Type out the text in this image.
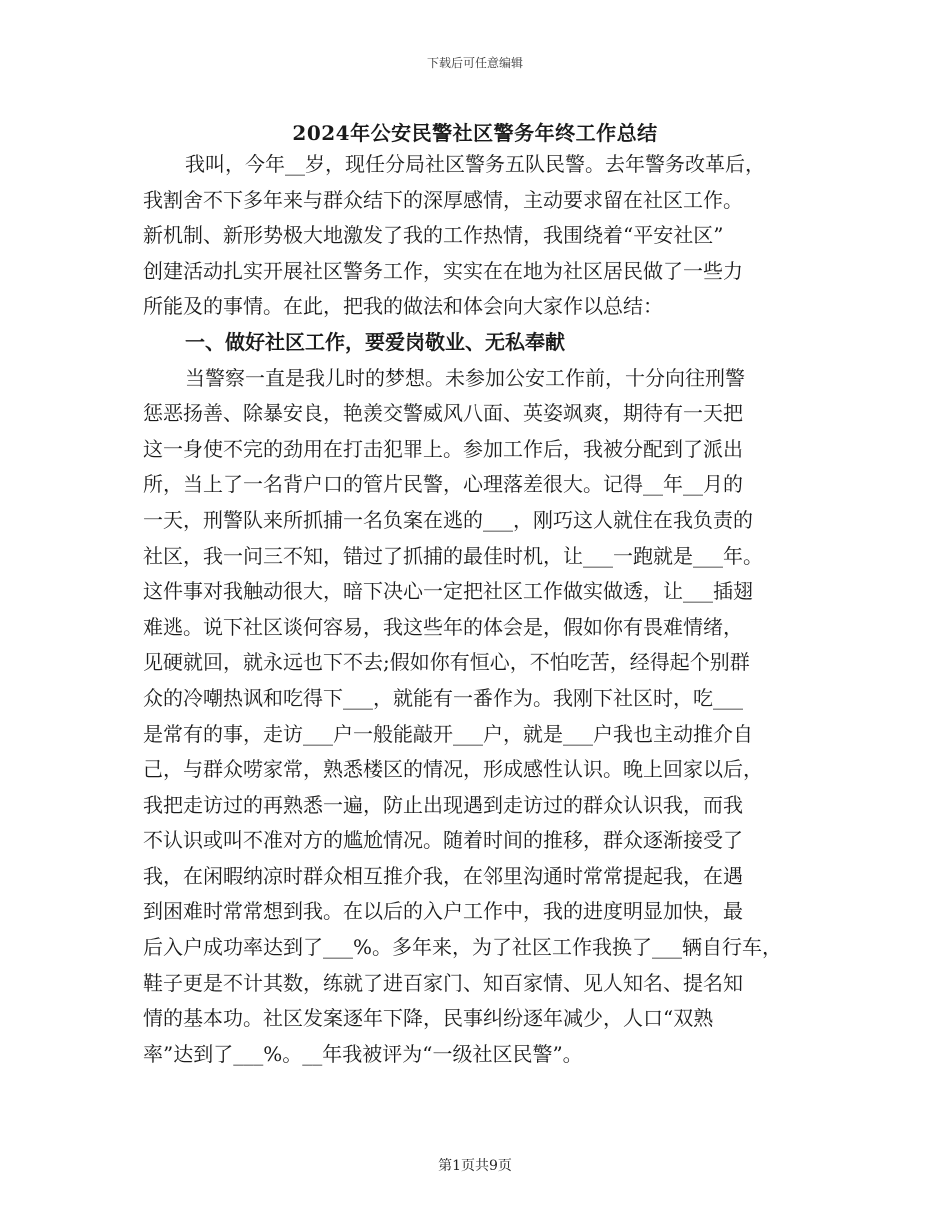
下载后可任意编辑
2024年公安民警社区警务年终工作总结
我叫，今年__岁，现任分局社区警务五队民警。去年警务改革后，
我割舍不下多年来与群众结下的深厚感情，主动要求留在社区工作。
新机制、新形势极大地激发了我的工作热情，我围绕着“平安社区”
创建活动扎实开展社区警务工作，实实在在地为社区居民做了一些力
所能及的事情。在此，把我的做法和体会向大家作以总结：
一、做好社区工作，要爱岗敬业、无私奉献
当警察一直是我儿时的梦想。未参加公安工作前，十分向往刑警
惩恶扬善、除暴安良，艳羡交警威风八面、英姿飒爽，期待有一天把
这一身使不完的劲用在打击犯罪上。参加工作后，我被分配到了派出
所，当上了一名背户口的管片民警，心理落差很大。记得__年__月的
一天，刑警队来所抓捕一名负案在逃的___，刚巧这人就住在我负责的
社区，我一问三不知，错过了抓捕的最佳时机，让___一跑就是___年。
这件事对我触动很大，暗下决心一定把社区工作做实做透，让___插翅
难逃。说下社区谈何容易，我这些年的体会是，假如你有畏难情绪，
见硬就回，就永远也下不去;假如你有恒心，不怕吃苦，经得起个别群
众的冷嘲热讽和吃得下___，就能有一番作为。我刚下社区时，吃___
是常有的事，走访___户一般能敲开___户，就是___户我也主动推介自
己，与群众唠家常，熟悉楼区的情况，形成感性认识。晚上回家以后，
我把走访过的再熟悉一遍，防止出现遇到走访过的群众认识我，而我
不认识或叫不准对方的尴尬情况。随着时间的推移，群众逐渐接受了
我，在闲暇纳凉时群众相互推介我，在邻里沟通时常常提起我，在遇
到困难时常常想到我。在以后的入户工作中，我的进度明显加快，最
后入户成功率达到了___%。多年来，为了社区工作我换了___辆自行车，
鞋子更是不计其数，练就了进百家门、知百家情、见人知名、提名知
情的基本功。社区发案逐年下降，民事纠纷逐年减少，人口“双熟
率”达到了___%。__年我被评为“一级社区民警”。
第1页共9页
